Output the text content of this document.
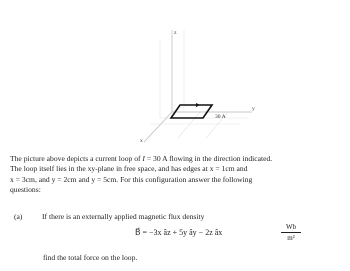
z
y
x
30 A
The picture above depicts a current loop of I = 30 A flowing in the direction indicated.
The loop itself lies in the xy-plane in free space, and has edges at x = 1cm and
x = 3cm, and y = 2cm and y = 5cm. For this configuration answer the following
questions:
(a)	If there is an externally applied magnetic flux density
B⃗ = −3x âz + 5y ây − 2z âx	$\frac{Wb}{\text{m²}}$
find the total force on the loop.
